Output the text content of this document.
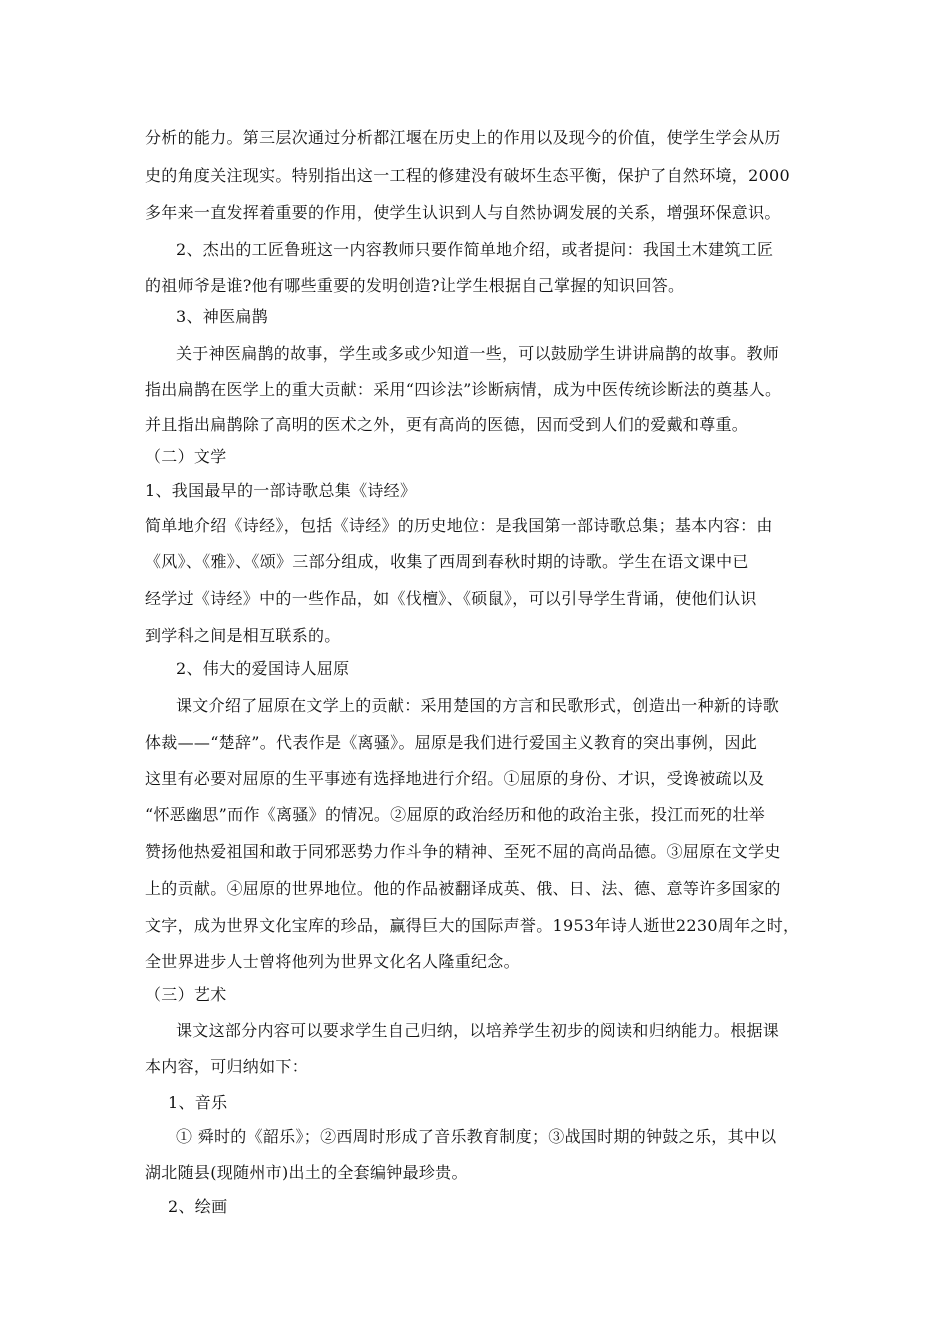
分析的能力。第三层次通过分析都江堰在历史上的作用以及现今的价值，使学生学会从历
史的角度关注现实。特别指出这一工程的修建没有破坏生态平衡，保护了自然环境，2000
多年来一直发挥着重要的作用，使学生认识到人与自然协调发展的关系，增强环保意识。
2、杰出的工匠鲁班这一内容教师只要作简单地介绍，或者提问：我国土木建筑工匠
的祖师爷是谁?他有哪些重要的发明创造?让学生根据自己掌握的知识回答。
3、神医扁鹊
关于神医扁鹊的故事，学生或多或少知道一些，可以鼓励学生讲讲扁鹊的故事。教师
指出扁鹊在医学上的重大贡献：采用“四诊法”诊断病情，成为中医传统诊断法的奠基人。
并且指出扁鹊除了高明的医术之外，更有高尚的医德，因而受到人们的爱戴和尊重。
（二）文学
1、我国最早的一部诗歌总集《诗经》
简单地介绍《诗经》，包括《诗经》的历史地位：是我国第一部诗歌总集；基本内容：由
《风》、《雅》、《颂》三部分组成，收集了西周到春秋时期的诗歌。学生在语文课中已
经学过《诗经》中的一些作品，如《伐檀》、《硕鼠》，可以引导学生背诵，使他们认识
到学科之间是相互联系的。
2、伟大的爱国诗人屈原
课文介绍了屈原在文学上的贡献：采用楚国的方言和民歌形式，创造出一种新的诗歌
体裁——“楚辞”。代表作是《离骚》。屈原是我们进行爱国主义教育的突出事例，因此
这里有必要对屈原的生平事迹有选择地进行介绍。①屈原的身份、才识，受谗被疏以及
“怀恶幽思”而作《离骚》的情况。②屈原的政治经历和他的政治主张，投江而死的壮举
赞扬他热爱祖国和敢于同邪恶势力作斗争的精神、至死不屈的高尚品德。③屈原在文学史
上的贡献。④屈原的世界地位。他的作品被翻译成英、俄、日、法、德、意等许多国家的
文字，成为世界文化宝库的珍品，赢得巨大的国际声誉。1953年诗人逝世2230周年之时，
全世界进步人士曾将他列为世界文化名人隆重纪念。
（三）艺术
课文这部分内容可以要求学生自己归纳，以培养学生初步的阅读和归纳能力。根据课
本内容，可归纳如下：
1、音乐
① 舜时的《韶乐》；②西周时形成了音乐教育制度；③战国时期的钟鼓之乐，其中以
湖北随县(现随州市)出土的全套编钟最珍贵。
2、绘画
